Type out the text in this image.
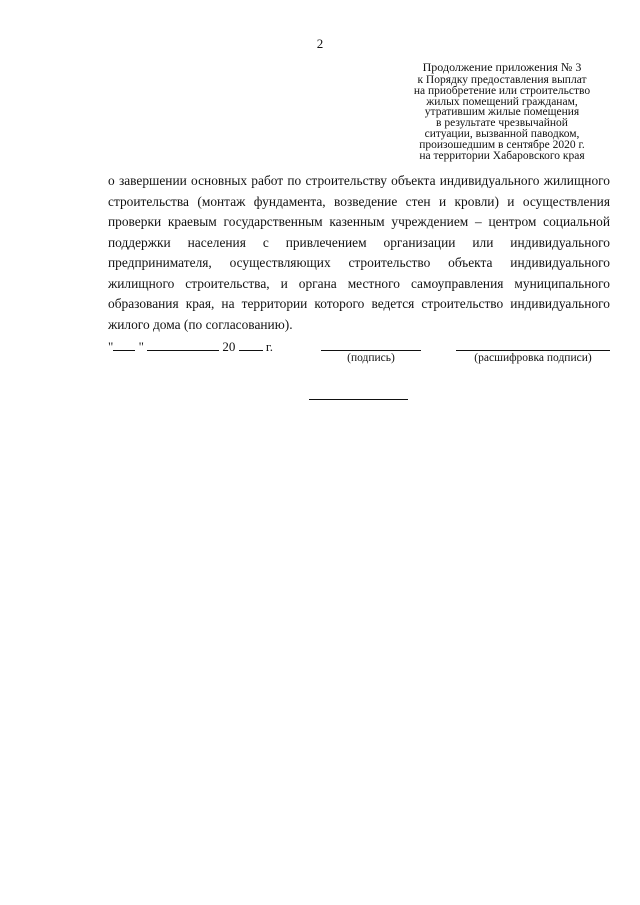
2
Продолжение приложения № 3
к Порядку предоставления выплат
на приобретение или строительство
жилых помещений гражданам,
утратившим жилые помещения
в результате чрезвычайной
ситуации, вызванной паводком,
произошедшим в сентябре 2020 г.
на территории Хабаровского края
о завершении основных работ по строительству объекта индивидуального жилищного строительства (монтаж фундамента, возведение стен и кровли) и осуществления проверки краевым государственным казенным учреждением – центром социальной поддержки населения с привлечением организации или индивидуального предпринимателя, осуществляющих строительство объекта индивидуального жилищного строительства, и органа местного самоуправления муниципального образования края, на территории которого ведется строительство индивидуального жилого дома (по согласованию).
" "	20 г.
(подпись)	(расшифровка подписи)
